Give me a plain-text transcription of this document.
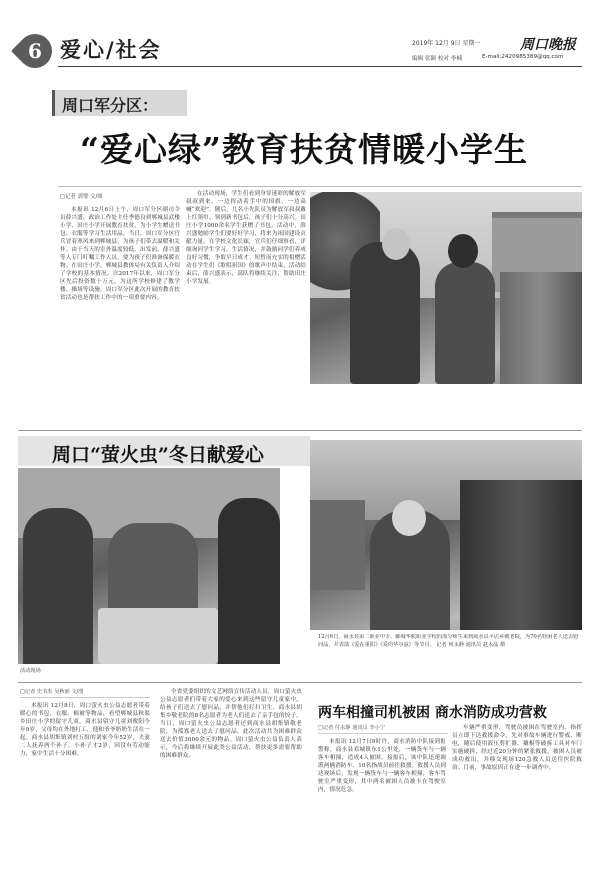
6 爱心/社会	2019年 12月 9日 星期一	周口晚报
编辑 张颖 校对 李楠	E-mail:2420985389@qq.com
周口军分区：
“爱心绿”教育扶贫情暖小学生
□记者 郭璧 文/图

本报讯 12月6日上午，周口军分区副司令员薛兴盛、政治工作处主任季德良到郸城县武楼小学、田庄小学开展教育扶贫，为小学生赠送书包、衣服等学习生活用品。当日，周口军分区官兵冒着寒风来到郸城县，为孩子们带去温暖和关怀。由于当天的室外温度较低，出发前，薛兴盛等人专门叮嘱工作人员，要为孩子们准备保暖衣物。在田庄小学，郸城县教体局有关负责人介绍了学校的基本情况。自2017年以来，周口军分区先后投资数十万元，为这所学校修建了教学楼、操场等设施，周口军分区此次开展的教育扶贫活动也是帮扶工作中的一项重要内容。

在活动现场，学生们看到身穿迷彩的解放军叔叔到来，一边挥动着手中的国旗，一边高喊“欢迎”。随后，几名小先队员为解放军叔叔戴上红领巾。领到新书包后，孩子们十分高兴。田庄小学1000余名学生获赠了书包。活动中，薛兴盛勉励学生们要好好学习，将来为祖国建设贡献力量。在学校文化长廊，官兵们仔细察看，详细询问学生学习、生活情况，并鼓励同学们养成良好习惯，争取早日成才。短暂而充实的捐赠活动在学生们《歌唱祖国》的歌声中结束。活动结束后，薛兴盛表示，部队将继续关注、帮助田庄小学发展。

周口“萤火虫”冬日献爱心
活动现场
12月6日，商水县第二职业中专、郾城华航职业学校的部分师生来到商水县平店乡敬老院，为70名特困老人送去慰问品，并表演《爱在重阳》《爱的华尔兹》等节目。 记者 何永静 通讯员 赵永晶 摄
□记者 史书杰 吴秋丽 文/图

本报讯 12月8日，周口萤火虫公益志愿者带着暖心的书包、衣服、棉被等物品，看望郸城县秋渠乡田庄小学的留守儿童。商水县留守儿童刘俊阳今年9岁，父母均在外地打工，他和爷爷奶奶生活在一起。商水县胡集镇刘村五组的刘家今年52岁，夫妻二人抚养两个孙子，小孙子才2岁，因没有劳动能力，家中生活十分困难。

全省党委组织的文艺网络宣传活动人员，周口萤火虫公益志愿者们带着大家的爱心来到这些留守儿童家中，给孩子们送去了慰问品，并帮他们打扫卫生。商水县胡集乡敬老院的8名志愿者为老人们送去了亲手包的饺子。当日，周口萤火虫公益志愿者还到商水县胡集镇敬老院，为孤寡老人送去了慰问品。此次活动共为困难群众送去价值3000余元的物品。周口萤火虫公益负责人表示，今后将继续开展此类公益活动，帮扶更多需要帮助的困难群众。

两车相撞司机被困 商水消防成功营救
□记者 付永静 通讯员 李小宁

本报讯 12月7日9时许，商水消防中队接到报警称，商水县邓城镇东1公里处，一辆货车与一辆客车相撞，造成4人被困。接报后，该中队迅速调派两辆消防车、10名指战员前往救援。救援人员到达现场后，发现一辆货车与一辆客车相撞，客车驾驶室严重变形，其中两名被困人员被卡在驾驶室内，情况危急。

车辆严重变形，驾驶员被困在驾驶室内。指挥员立即下达救援命令，先对事故车辆进行警戒、断电，随后使用液压剪扩器、撬棍等破拆工具对车门实施破拆，经过近20分钟的紧张救援，被困人员被成功救出，并移交现场120急救人员送往医院救治。目前，事故原因正在进一步调查中。
